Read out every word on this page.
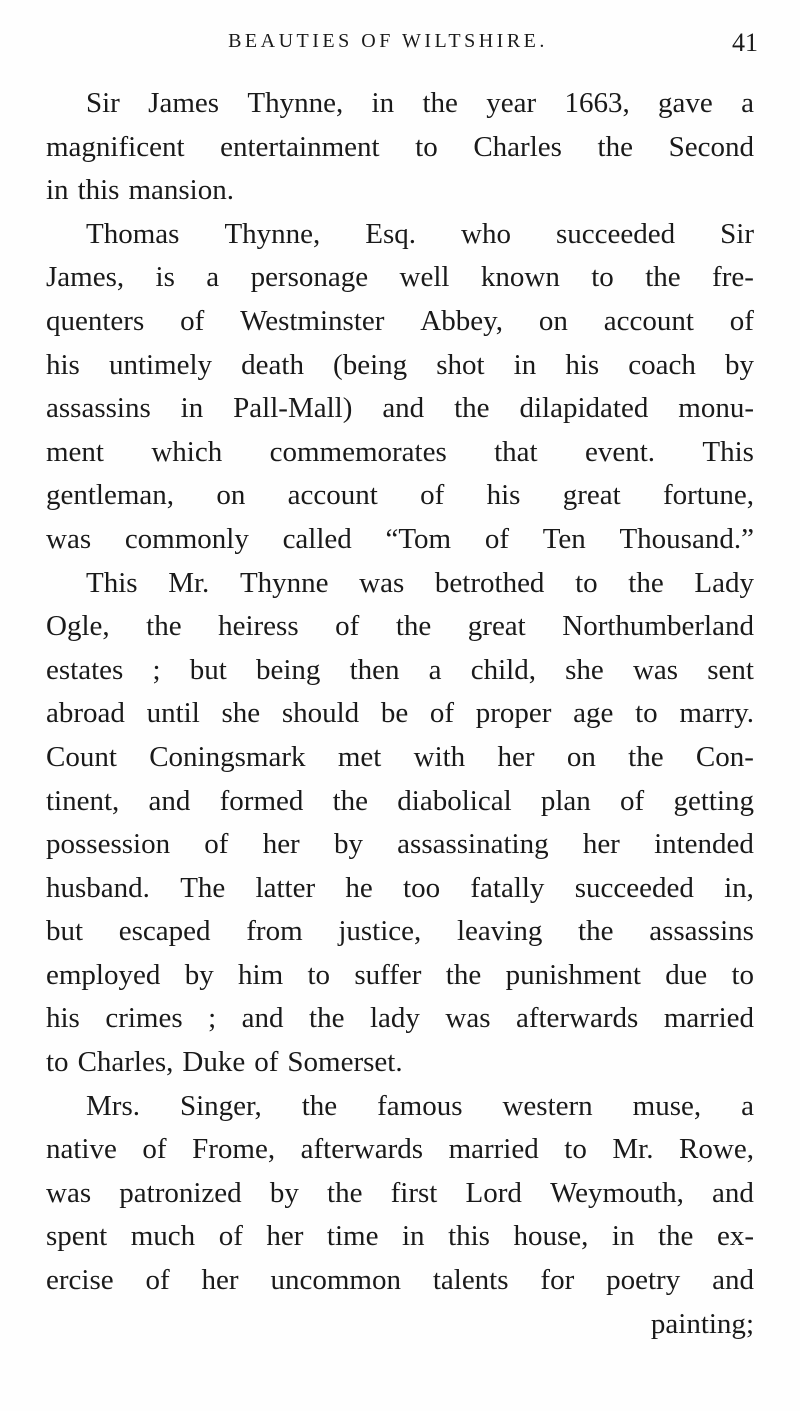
BEAUTIES OF WILTSHIRE.	41
Sir James Thynne, in the year 1663, gave a
magnificent entertainment to Charles the Second
in this mansion.
Thomas Thynne, Esq. who succeeded Sir
James, is a personage well known to the fre-
quenters of Westminster Abbey, on account of
his untimely death (being shot in his coach by
assassins in Pall-Mall) and the dilapidated monu-
ment which commemorates that event. This
gentleman, on account of his great fortune,
was commonly called “Tom of Ten Thousand.”
This Mr. Thynne was betrothed to the Lady
Ogle, the heiress of the great Northumberland
estates ; but being then a child, she was sent
abroad until she should be of proper age to marry.
Count Coningsmark met with her on the Con-
tinent, and formed the diabolical plan of getting
possession of her by assassinating her intended
husband. The latter he too fatally succeeded in,
but escaped from justice, leaving the assassins
employed by him to suffer the punishment due to
his crimes ; and the lady was afterwards married
to Charles, Duke of Somerset.
Mrs. Singer, the famous western muse, a
native of Frome, afterwards married to Mr. Rowe,
was patronized by the first Lord Weymouth, and
spent much of her time in this house, in the ex-
ercise of her uncommon talents for poetry and
painting ;
